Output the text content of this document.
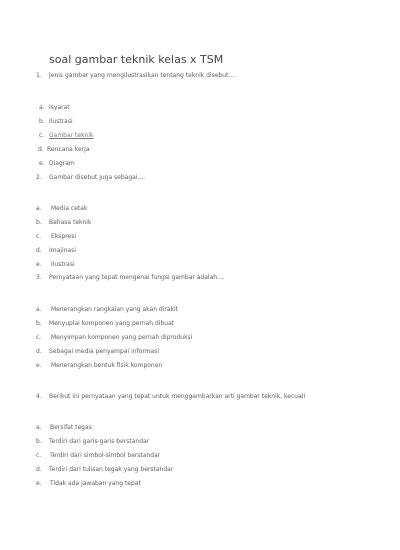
soal gambar teknik kelas x TSM
1. Jenis gambar yang mengilustrasikan tentang teknik disebut....
a. Isyarat
b. Ilustrasi
c. Gambar teknik
d. Rencana kerja
e. Diagram
2. Gambar disebut juga sebagai....
a. Media cetak
b. Bahasa teknik
c. Ekspresi
d. Imajinasi
e. Ilustrasi
3. Pernyataan yang tepat mengenai fungsi gambar adalah....
a. Menerangkan rangkaian yang akan dirakit
b. Menyuplai komponen yang pernah dibuat
c. Menyimpan komponen yang pernah diproduksi
d. Sebagai media penyampai informasi
e. Menerangkan bentuk fisik komponen
4. Berikut ini pernyataan yang tepat untuk menggambarkan arti gambar teknik, kecuali
a. Bersifat tegas
b. Terdiri dari garis-garis berstandar
c. Terdiri dari simbol-simbol berstandar
d. Terdiri dari tulisan tegak yang berstandar
e. Tidak ada jawaban yang tepat
